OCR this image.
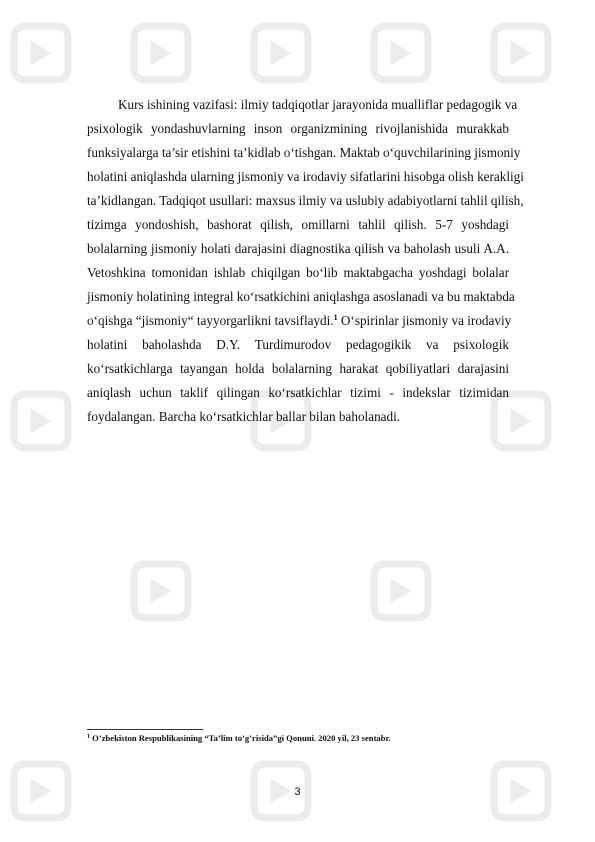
Kurs ishining vazifasi: ilmiy tadqiqotlar jarayonida mualliflar pedagogik va
psixologik yondashuvlarning inson organizmining rivojlanishida murakkab
funksiyalarga ta’sir etishini ta’kidlab o‘tishgan. Maktab o‘quvchilarining jismoniy
holatini aniqlashda ularning jismoniy va irodaviy sifatlarini hisobga olish kerakligi
ta’kidlangan. Tadqiqot usullari: maxsus ilmiy va uslubiy adabiyotlarni tahlil qilish,
tizimga yondoshish, bashorat qilish, omillarni tahlil qilish. 5-7 yoshdagi
bolalarning jismoniy holati darajasini diagnostika qilish va baholash usuli A.A.
Vetoshkina tomonidan ishlab chiqilgan bo‘lib maktabgacha yoshdagi bolalar
jismoniy holatining integral ko‘rsatkichini aniqlashga asoslanadi va bu maktabda
o‘qishga “jismoniy“ tayyorgarlikni tavsiflaydi.$^1$ O‘spirinlar jismoniy va irodaviy
holatini baholashda D.Y. Turdimurodov pedagogikik va psixologik
ko‘rsatkichlarga tayangan holda bolalarning harakat qobiliyatlari darajasini
aniqlash uchun taklif qilingan ko‘rsatkichlar tizimi - indekslar tizimidan
foydalangan. Barcha ko‘rsatkichlar ballar bilan baholanadi.
$^1$ O’zbekiston Respublikasining “Ta’lim to’g’risida”gi Qonuni. 2020 yil, 23 sentabr.
3
